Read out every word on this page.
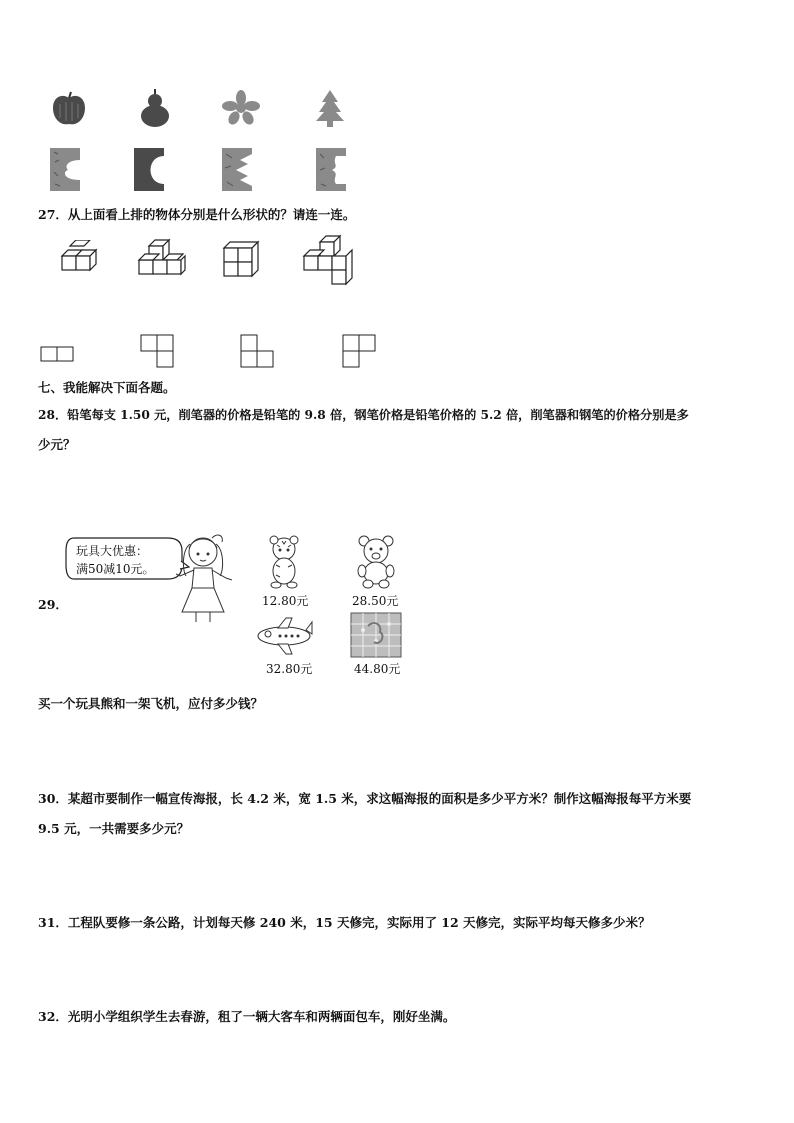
27．从上面看上排的物体分别是什么形状的？请连一连。
七、我能解决下面各题。
28．铅笔每支 1.50 元，削笔器的价格是铅笔的 9.8 倍，钢笔价格是铅笔价格的 5.2 倍，削笔器和钢笔的价格分别是多
少元？
29．
玩具大优惠：
满50减10元。
12.80元	28.50元
32.80元	44.80元
买一个玩具熊和一架飞机，应付多少钱？
30．某超市要制作一幅宣传海报，长 4.2 米，宽 1.5 米，求这幅海报的面积是多少平方米？制作这幅海报每平方米要
9.5 元，一共需要多少元？
31．工程队要修一条公路，计划每天修 240 米，15 天修完，实际用了 12 天修完，实际平均每天修多少米？
32．光明小学组织学生去春游，租了一辆大客车和两辆面包车，刚好坐满。
